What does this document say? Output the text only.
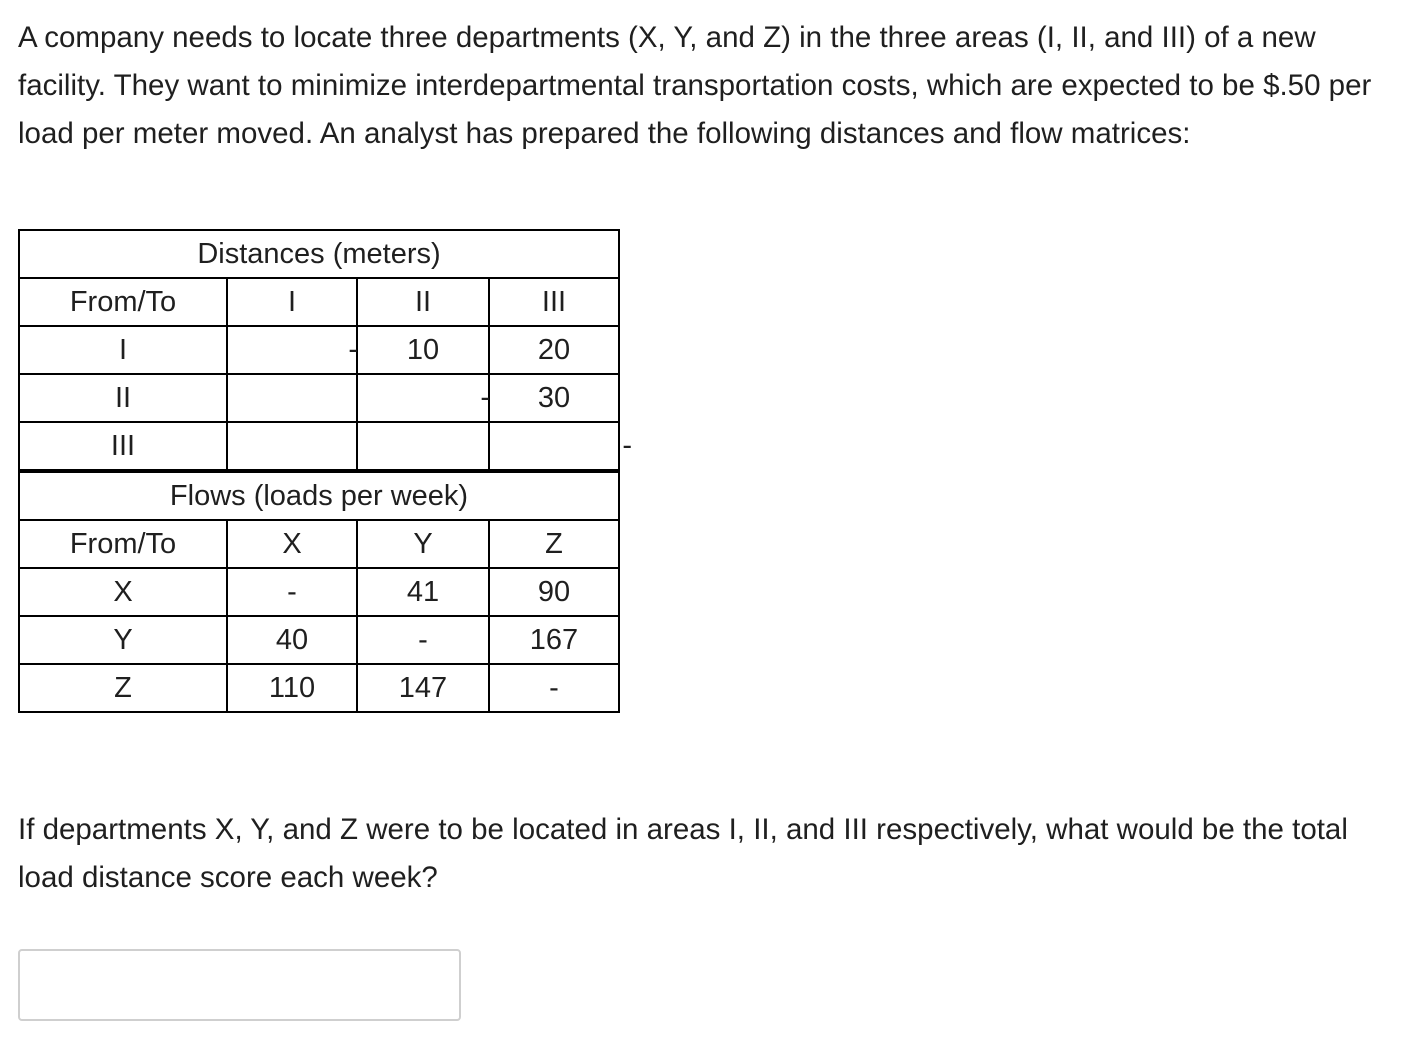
A company needs to locate three departments (X, Y, and Z) in the three areas (I, II, and III) of a new facility. They want to minimize interdepartmental transportation costs, which are expected to be $.50 per load per meter moved. An analyst has prepared the following distances and flow matrices:

Distances (meters)			
From/To	I	II	III
I	-	10	20
II		-	30
III			-

Flows (loads per week)			
From/To	X	Y	Z
X	-	41	90
Y	40	-	167
Z	110	147	-

If departments X, Y, and Z were to be located in areas I, II, and III respectively, what would be the total load distance score each week?
